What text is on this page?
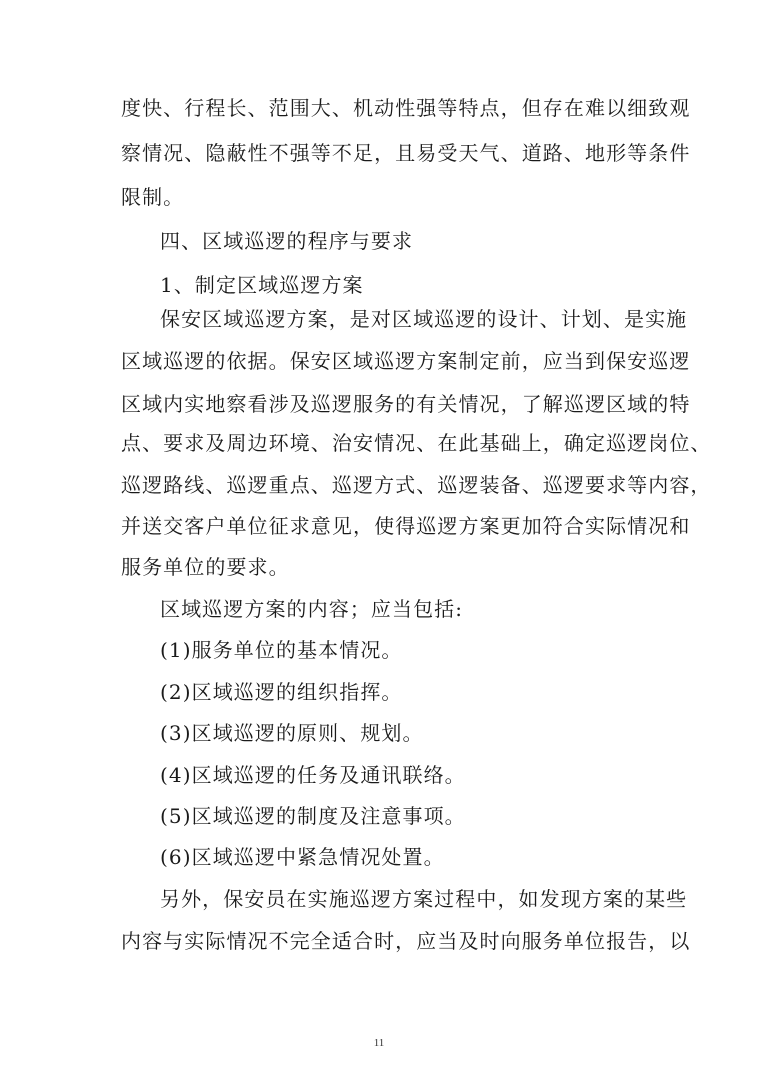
度快、行程长、范围大、机动性强等特点，但存在难以细致观
察情况、隐蔽性不强等不足，且易受天气、道路、地形等条件
限制。
四、区域巡逻的程序与要求
1、制定区域巡逻方案
保安区域巡逻方案，是对区域巡逻的设计、计划、是实施
区域巡逻的依据。保安区域巡逻方案制定前，应当到保安巡逻
区域内实地察看涉及巡逻服务的有关情况，了解巡逻区域的特
点、要求及周边环境、治安情况、在此基础上，确定巡逻岗位、
巡逻路线、巡逻重点、巡逻方式、巡逻装备、巡逻要求等内容，
并送交客户单位征求意见，使得巡逻方案更加符合实际情况和
服务单位的要求。
区域巡逻方案的内容；应当包括:
(1)服务单位的基本情况。
(2)区域巡逻的组织指挥。
(3)区域巡逻的原则、规划。
(4)区域巡逻的任务及通讯联络。
(5)区域巡逻的制度及注意事项。
(6)区域巡逻中紧急情况处置。
另外，保安员在实施巡逻方案过程中，如发现方案的某些
内容与实际情况不完全适合时，应当及时向服务单位报告，以
11
